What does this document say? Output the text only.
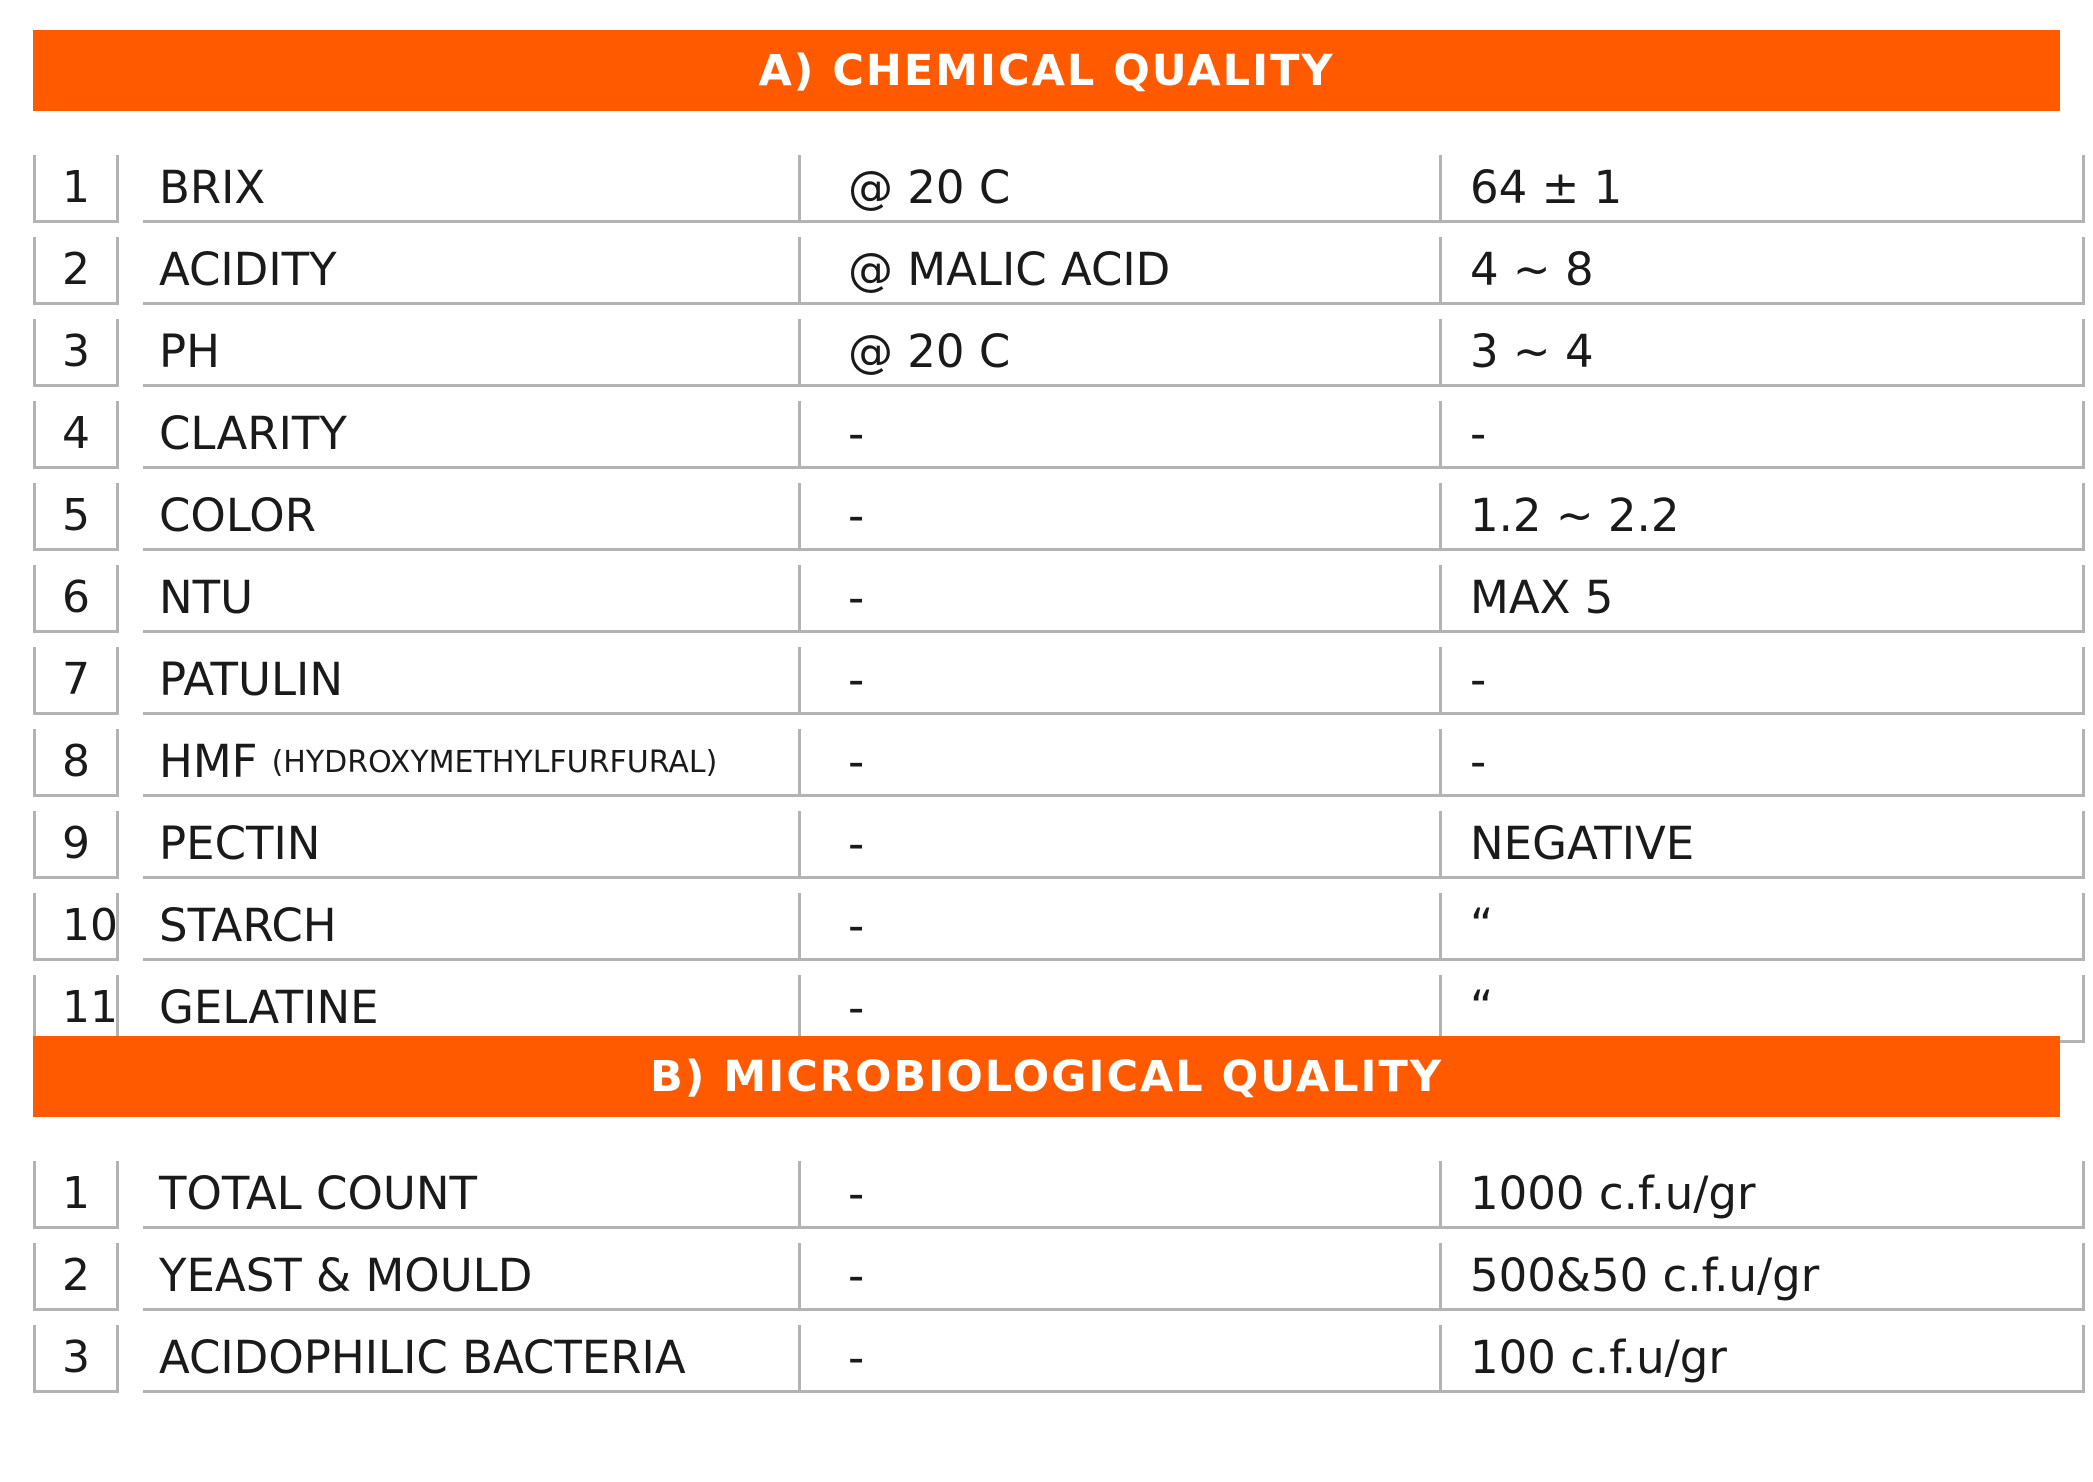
A) CHEMICAL QUALITY
1	BRIX	@ 20 C	64 ± 1
2	ACIDITY	@ MALIC ACID	4 ~ 8
3	PH	@ 20 C	3 ~ 4
4	CLARITY	-	-
5	COLOR	-	1.2 ~ 2.2
6	NTU	-	MAX 5
7	PATULIN	-	-
8	HMF (HYDROXYMETHYLFURFURAL)	-	-
9	PECTIN	-	NEGATIVE
10 STARCH	-	“
11 GELATINE	-	“
B) MICROBIOLOGICAL QUALITY
1	TOTAL COUNT	-	1000 c.f.u/gr
2	YEAST & MOULD	-	500&50 c.f.u/gr
3	ACIDOPHILIC BACTERIA	-	100 c.f.u/gr
